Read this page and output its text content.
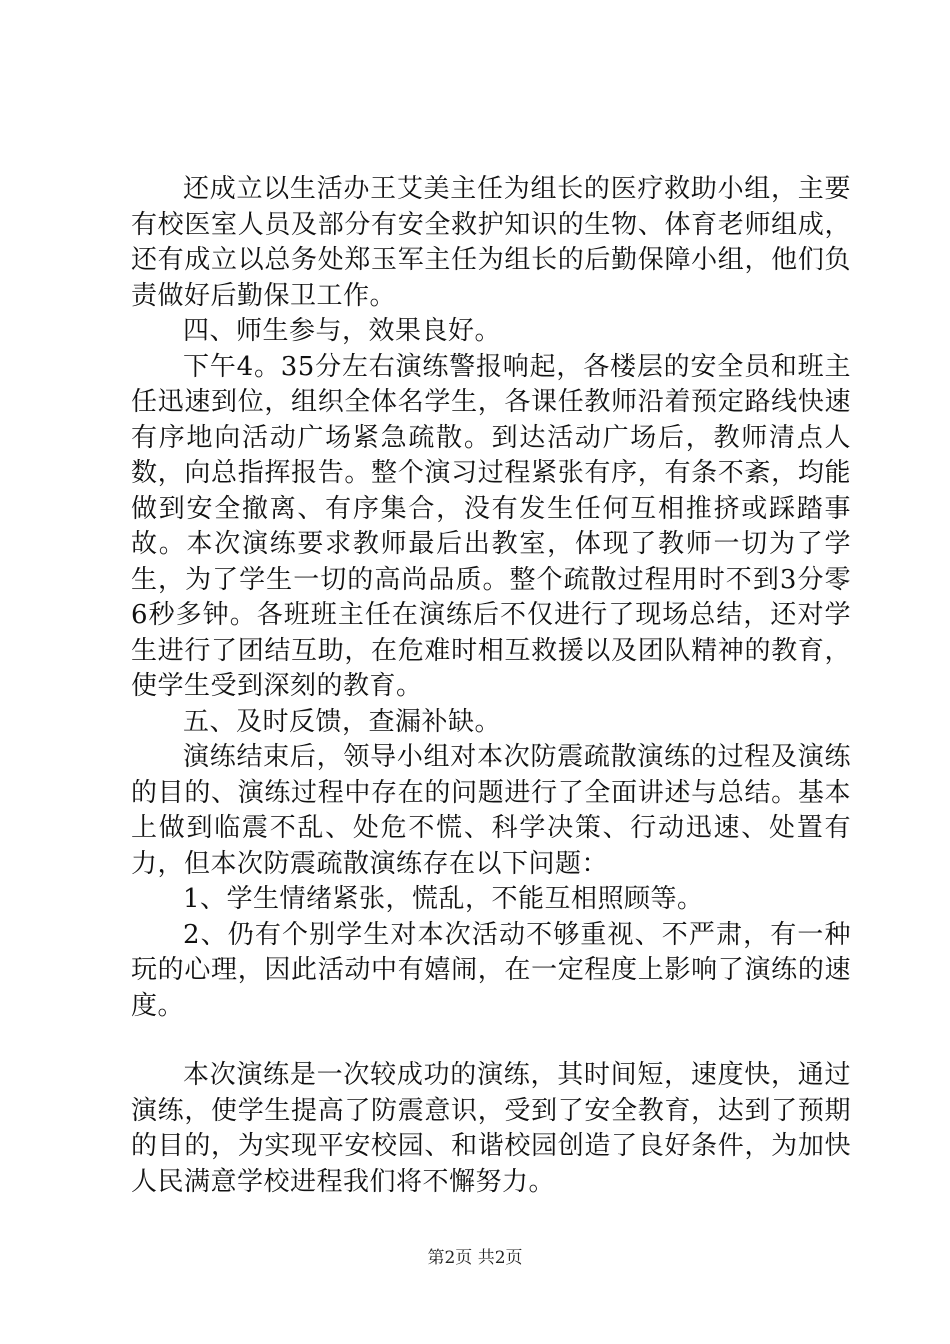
还成立以生活办王艾美主任为组长的医疗救助小组，主要有校医室人员及部分有安全救护知识的生物、体育老师组成，还有成立以总务处郑玉军主任为组长的后勤保障小组，他们负责做好后勤保卫工作。

四、师生参与，效果良好。

下午4。35分左右演练警报响起，各楼层的安全员和班主任迅速到位，组织全体名学生，各课任教师沿着预定路线快速有序地向活动广场紧急疏散。到达活动广场后，教师清点人数，向总指挥报告。整个演习过程紧张有序，有条不紊，均能做到安全撤离、有序集合，没有发生任何互相推挤或踩踏事故。本次演练要求教师最后出教室，体现了教师一切为了学生，为了学生一切的高尚品质。整个疏散过程用时不到3分零6秒多钟。各班班主任在演练后不仅进行了现场总结，还对学生进行了团结互助，在危难时相互救援以及团队精神的教育，使学生受到深刻的教育。

五、及时反馈，查漏补缺。

演练结束后，领导小组对本次防震疏散演练的过程及演练的目的、演练过程中存在的问题进行了全面讲述与总结。基本上做到临震不乱、处危不慌、科学决策、行动迅速、处置有力，但本次防震疏散演练存在以下问题：

1、学生情绪紧张，慌乱，不能互相照顾等。

2、仍有个别学生对本次活动不够重视、不严肃，有一种玩的心理，因此活动中有嬉闹，在一定程度上影响了演练的速度。

本次演练是一次较成功的演练，其时间短，速度快，通过演练，使学生提高了防震意识，受到了安全教育，达到了预期的目的，为实现平安校园、和谐校园创造了良好条件，为加快人民满意学校进程我们将不懈努力。

第2页 共2页
